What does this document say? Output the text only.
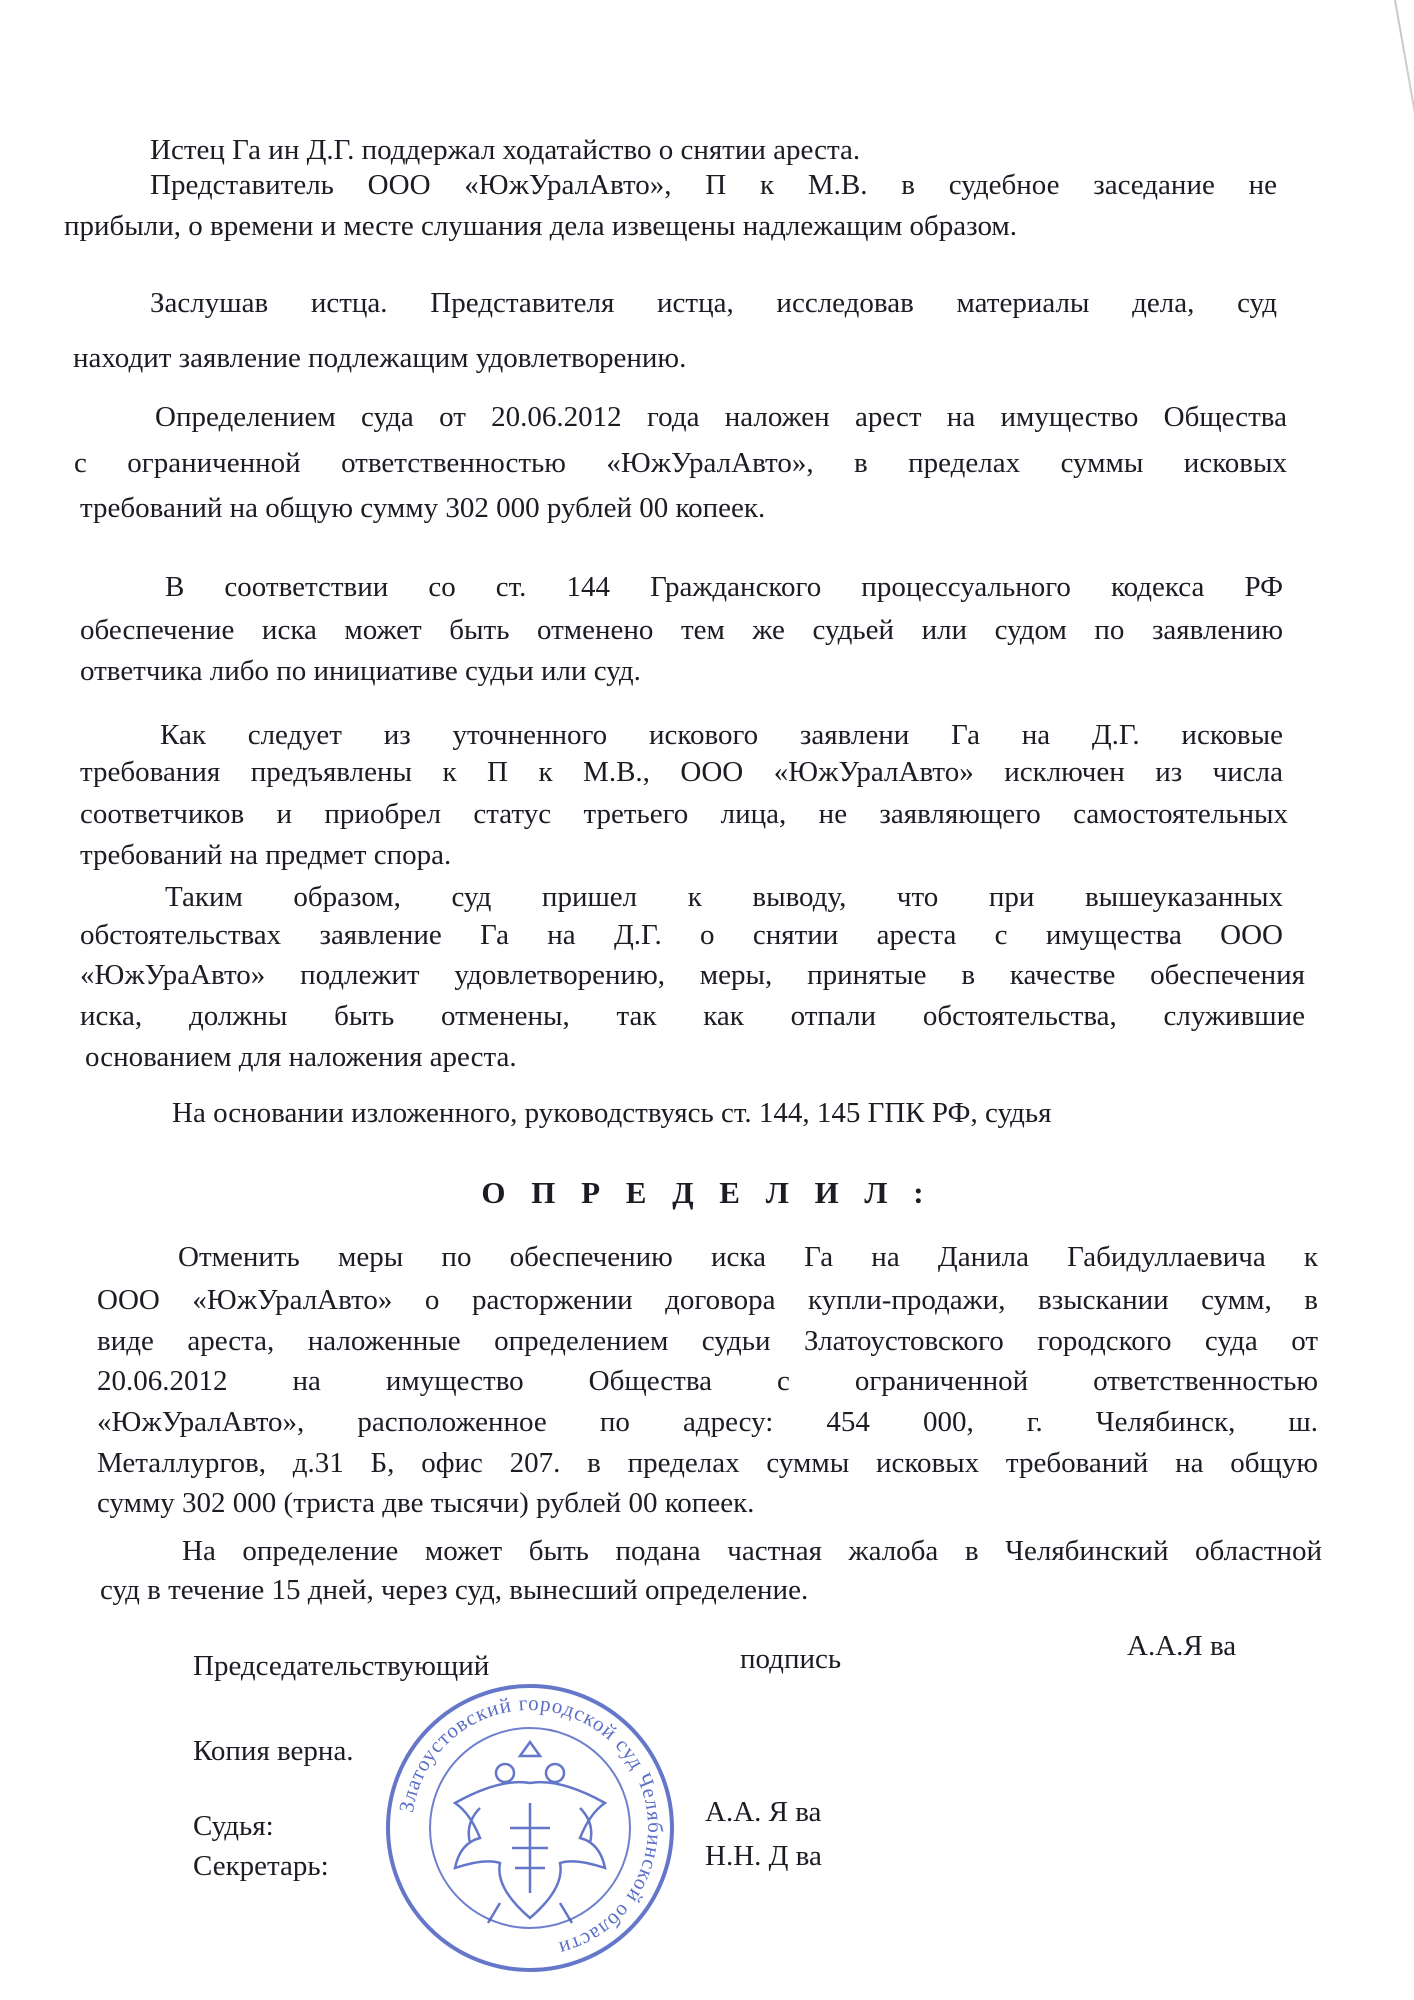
Истец Га ин Д.Г. поддержал ходатайство о снятии ареста.
Представитель ООО «ЮжУралАвто», П к М.В. в судебное заседание не
прибыли, о времени и месте слушания дела извещены надлежащим образом.
Заслушав истца. Представителя истца, исследовав материалы дела, суд
находит заявление подлежащим удовлетворению.
Определением суда от 20.06.2012 года наложен арест на имущество Общества
с ограниченной ответственностью «ЮжУралАвто», в пределах суммы исковых
требований на общую сумму 302 000 рублей 00 копеек.
В соответствии со ст. 144 Гражданского процессуального кодекса РФ
обеспечение иска может быть отменено тем же судьей или судом по заявлению
ответчика либо по инициативе судьи или суд.
Как следует из уточненного искового заявлени Га на Д.Г. исковые
требования предъявлены к П к М.В., ООО «ЮжУралАвто» исключен из числа
соответчиков и приобрел статус третьего лица, не заявляющего самостоятельных
требований на предмет спора.
Таким образом, суд пришел к выводу, что при вышеуказанных
обстоятельствах заявление Га на Д.Г. о снятии ареста с имущества ООО
«ЮжУраАвто» подлежит удовлетворению, меры, принятые в качестве обеспечения
иска, должны быть отменены, так как отпали обстоятельства, служившие
основанием для наложения ареста.
На основании изложенного, руководствуясь ст. 144, 145 ГПК РФ, судья
О П Р Е Д Е Л И Л :
Отменить меры по обеспечению иска Га на Данила Габидуллаевича к
ООО «ЮжУралАвто» о расторжении договора купли-продажи, взыскании сумм, в
виде ареста, наложенные определением судьи Златоустовского городского суда от
20.06.2012 на имущество Общества с ограниченной ответственностью
«ЮжУралАвто», расположенное по адресу: 454 000, г. Челябинск, ш.
Металлургов, д.31 Б, офис 207. в пределах суммы исковых требований на общую
сумму 302 000 (триста две тысячи) рублей 00 копеек.
На определение может быть подана частная жалоба в Челябинский областной
суд в течение 15 дней, через суд, вынесший определение.
Председательствующий	подпись	А.А.Я ва
Копия верна.
Судья:	А.А. Я ва
Секретарь:	Н.Н. Д ва
Златоустовский городской суд Челябинской области
